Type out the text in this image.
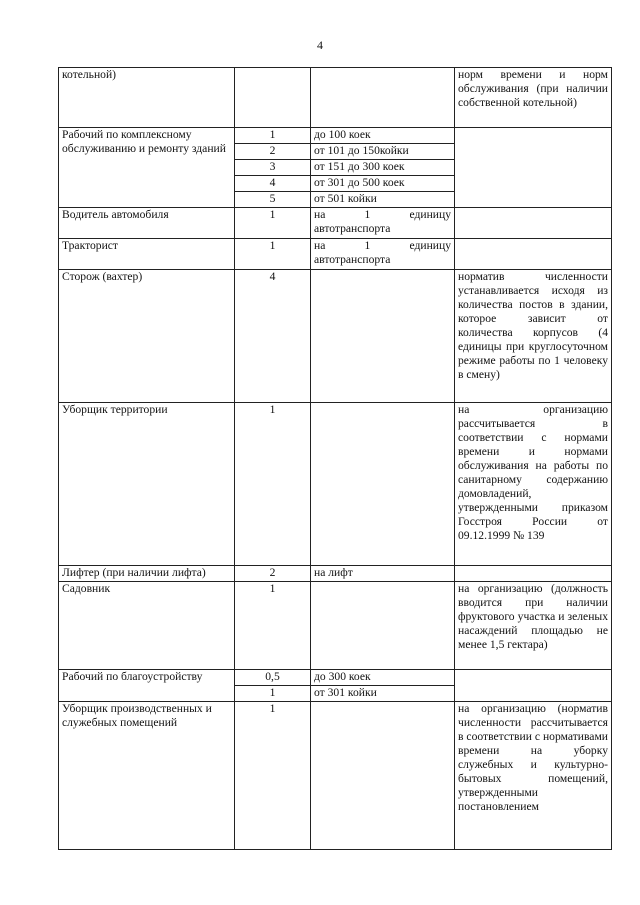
4
котельной)			норм времени и норм обслуживания (при наличии собственной котельной)
Рабочий по комплексному обслуживанию и ремонту зданий	1	до 100 коек	
	2	от 101 до 150койки	
	3	от 151 до 300 коек	
	4	от 301 до 500 коек	
	5	от 501 койки	
Водитель автомобиля	1	на 1 единицу автотранспорта	
Тракторист	1	на 1 единицу автотранспорта	
Сторож (вахтер)	4		норматив численности устанавливается исходя из количества постов в здании, которое зависит от количества корпусов (4 единицы при круглосуточном режиме работы по 1 человеку в смену)
Уборщик территории	1		на организацию рассчитывается в соответствии с нормами времени и нормами обслуживания на работы по санитарному содержанию домовладений, утвержденными приказом Госстроя России от 09.12.1999 № 139
Лифтер (при наличии лифта)	2	на лифт	
Садовник	1		на организацию (должность вводится при наличии фруктового участка и зеленых насаждений площадью не менее 1,5 гектара)
Рабочий по благоустройству	0,5	до 300 коек	
	1	от 301 койки	
Уборщик производственных и служебных помещений	1		на организацию (норматив численности рассчитывается в соответствии с нормативами времени на уборку служебных и культурно-бытовых помещений, утвержденными постановлением
